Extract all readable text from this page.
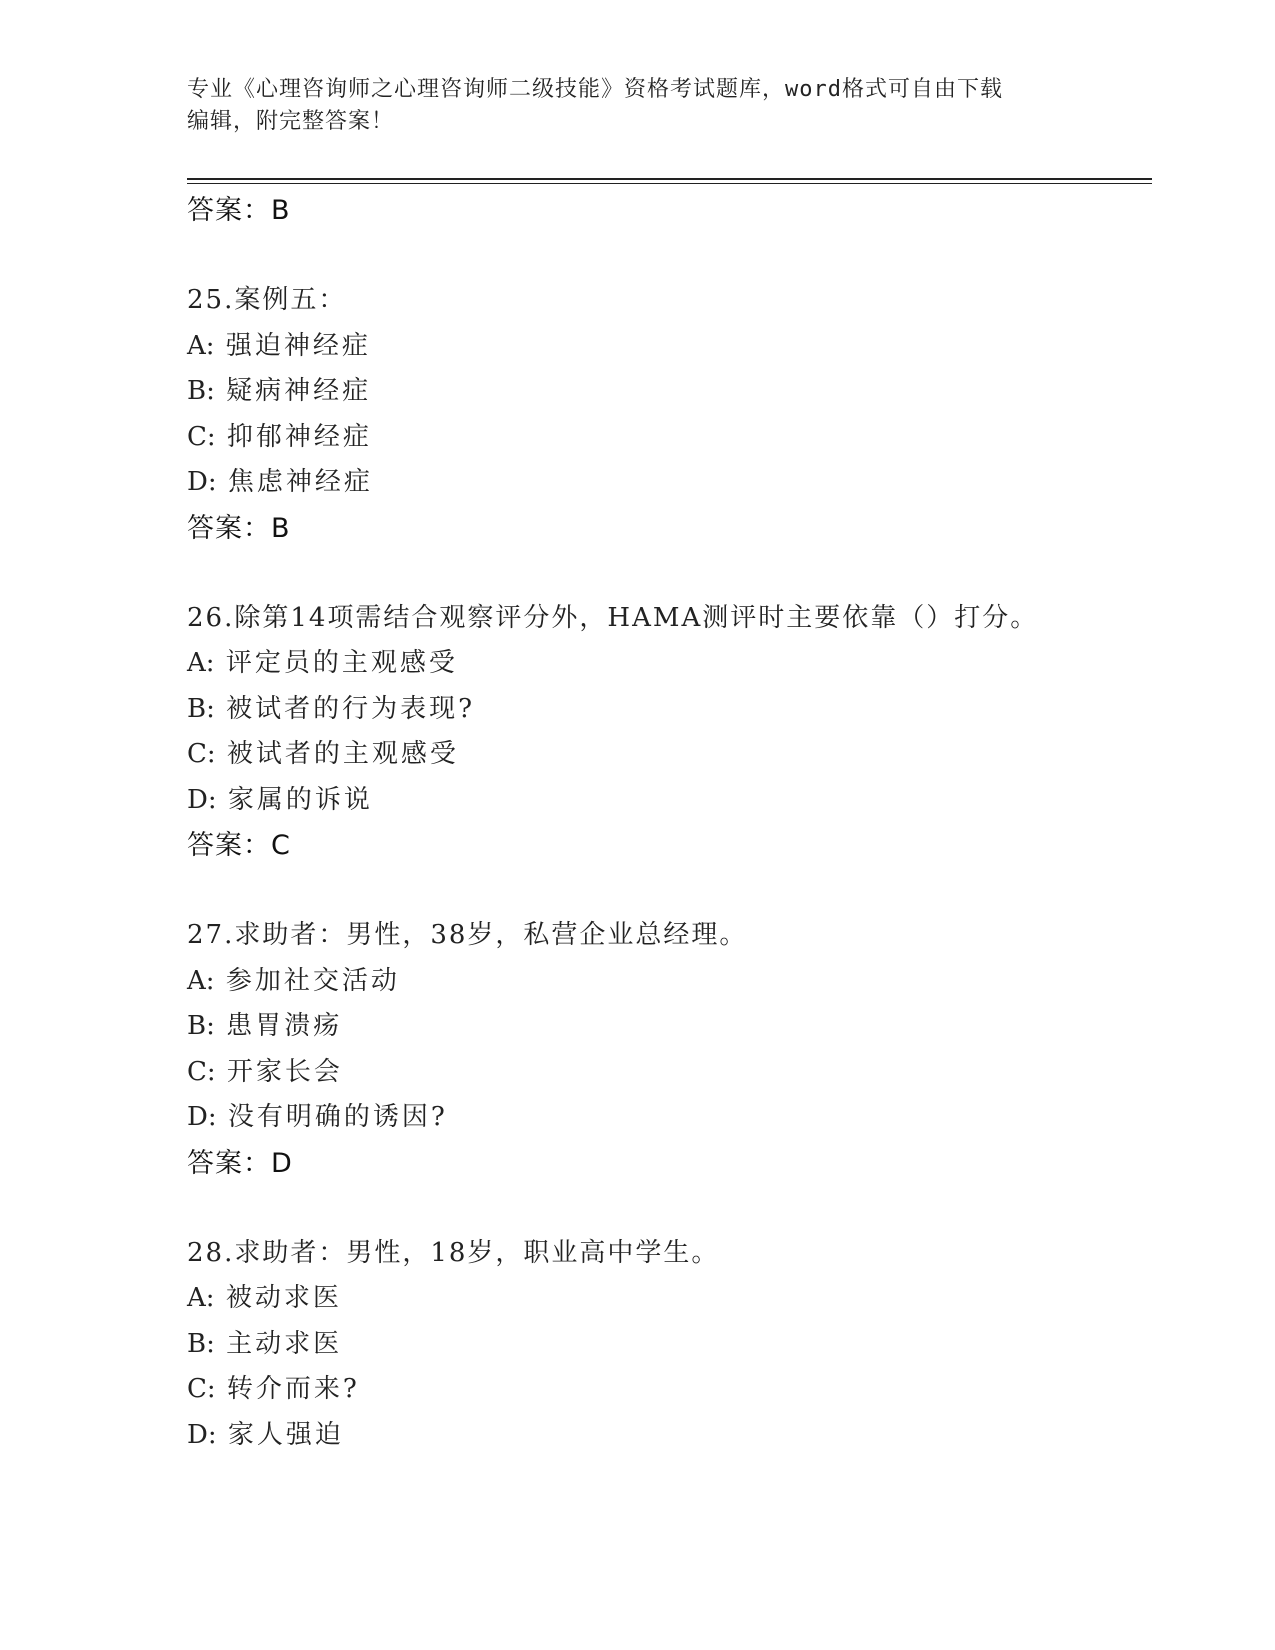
专业《心理咨询师之心理咨询师二级技能》资格考试题库，word格式可自由下载
编辑，附完整答案！
答案：B
25.案例五：
A: 强迫神经症
B: 疑病神经症
C: 抑郁神经症
D: 焦虑神经症
答案：B
26.除第14项需结合观察评分外，HAMA测评时主要依靠（）打分。
A: 评定员的主观感受
B: 被试者的行为表现?
C: 被试者的主观感受
D: 家属的诉说
答案：C
27.求助者：男性，38岁，私营企业总经理。
A: 参加社交活动
B: 患胃溃疡
C: 开家长会
D: 没有明确的诱因?
答案：D
28.求助者：男性，18岁，职业高中学生。
A: 被动求医
B: 主动求医
C: 转介而来?
D: 家人强迫
